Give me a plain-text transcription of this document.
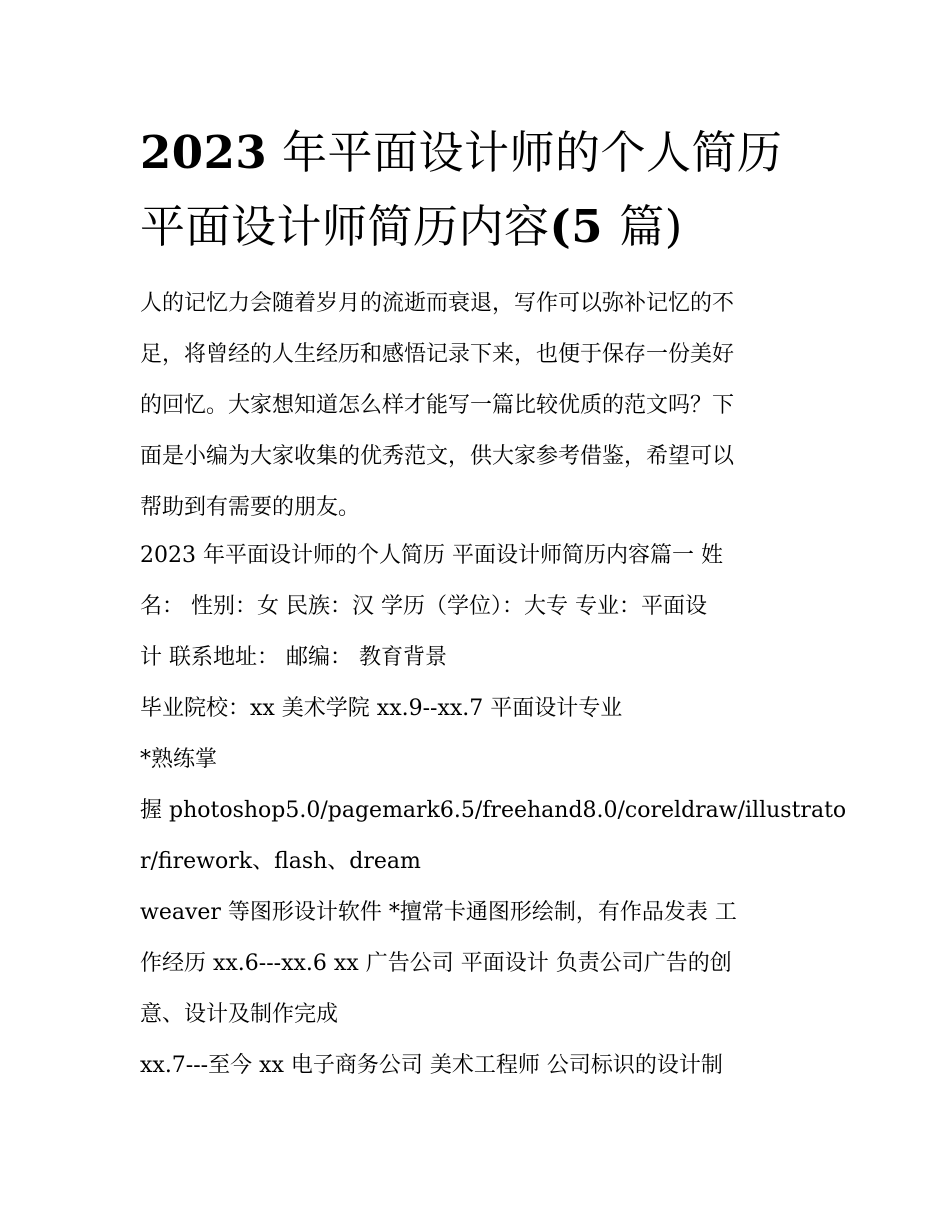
2023 年平面设计师的个人简历
平面设计师简历内容(5 篇)

人的记忆力会随着岁月的流逝而衰退，写作可以弥补记忆的不
足，将曾经的人生经历和感悟记录下来，也便于保存一份美好
的回忆。大家想知道怎么样才能写一篇比较优质的范文吗？下
面是小编为大家收集的优秀范文，供大家参考借鉴，希望可以
帮助到有需要的朋友。

2023 年平面设计师的个人简历 平面设计师简历内容篇一 姓
名： 性别：女 民族：汉 学历（学位）：大专 专业：平面设
计 联系地址： 邮编： 教育背景

毕业院校：xx 美术学院 xx.9--xx.7 平面设计专业

*熟练掌

握 photoshop5.0/pagemark6.5/freehand8.0/coreldraw/illustrato
r/firework、flash、dream

weaver 等图形设计软件 *擅常卡通图形绘制，有作品发表 工
作经历 xx.6---xx.6 xx 广告公司 平面设计 负责公司广告的创
意、设计及制作完成

xx.7---至今 xx 电子商务公司 美术工程师 公司标识的设计制
